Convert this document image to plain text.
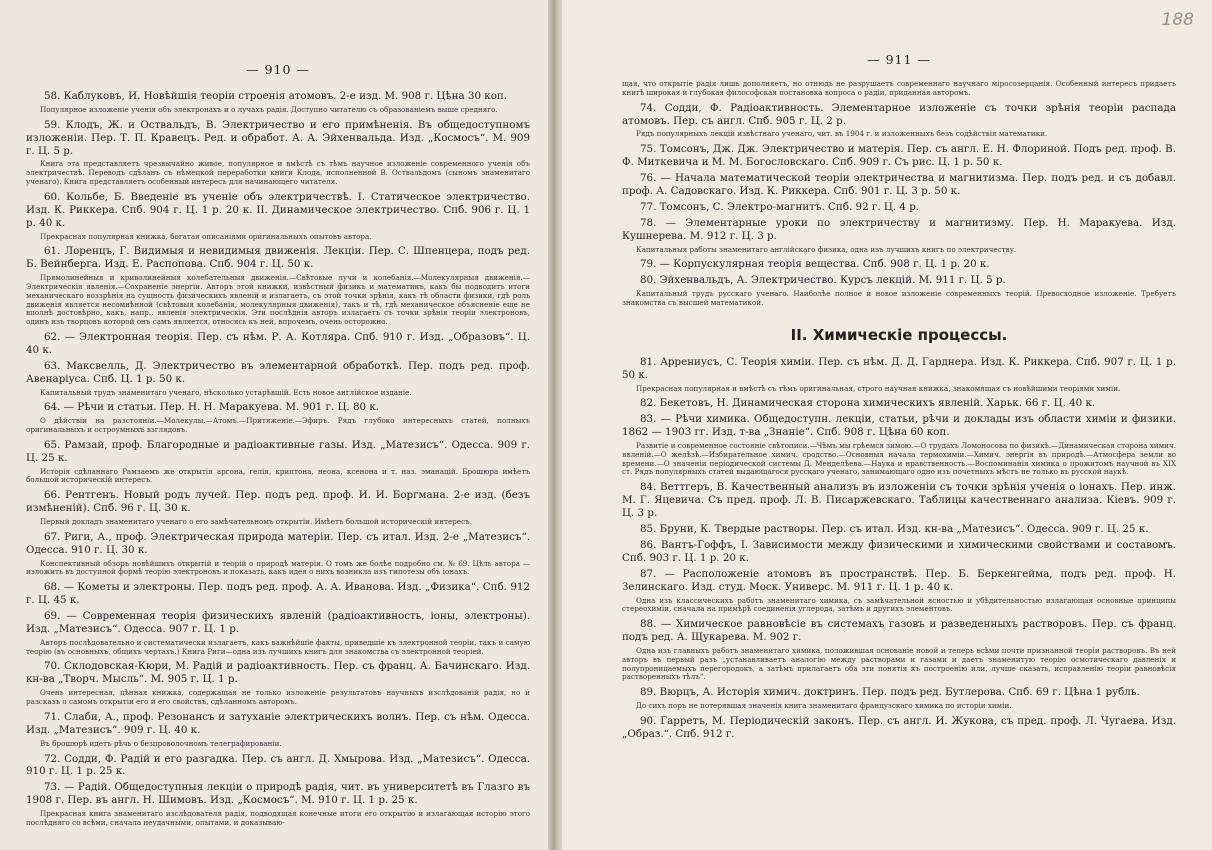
— 910 —

58. Каблуковъ, И. Новѣйшія теоріи строенія атомовъ. 2-е изд. М. 908 г. Цѣна 30 коп.

Популярное изложеніе ученія объ электронахъ и о лучахъ радія. Доступно читателю съ образованіемъ выше средняго.

59. Клодъ, Ж. и Оствальдъ, В. Электричество и его примѣненія. Въ общедоступномъ изложеніи. Пер. Т. П. Кравецъ. Ред. и обработ. А. А. Эйхенвальда. Изд. „Космосъ“. М. 909 г. Ц. 5 р.

Книга эта представляетъ чрезвычайно живое, популярное и вмѣстѣ съ тѣмъ научное изложеніе современного ученія объ электричествѣ. Переводъ сдѣланъ съ нѣмецкой переработки книги Клода, исполненной В. Оствальдомъ (сыномъ знаменитаго ученаго). Книга представляетъ особенный интересъ для начинающего читателя.

60. Кольбе, Б. Введеніе въ ученіе объ электричествѣ. I. Статическое электричество. Изд. К. Риккера. Спб. 904 г. Ц. 1 р. 20 к. II. Динамическое электричество. Спб. 906 г. Ц. 1 р. 40 к.

Прекрасная популярная книжка, богатая описаніями оригинальныхъ опытовъ автора.

61. Лоренцъ, Г. Видимыя и невидимыя движенія. Лекціи. Пер. С. Шпенцера, подъ ред. Б. Вейнберга. Изд. Е. Распопова. Спб. 904 г. Ц. 50 к.

Прямолинейныя и криволинейныя колебательныя движенія.—Свѣтовые лучи и колебанія.—Молекулярныя движенія.—Электрическія явленія.—Сохраненіе энергіи. Авторъ этой книжки, извѣстный физикъ и математикъ, какъ бы подводитъ итоги механическаго воззрѣнія на сущность физическихъ явленій и излагаетъ, съ этой точки зрѣнія, какъ тѣ области физики, гдѣ роль движенія является несомнѣнной (свѣтовыя колебанія, молекулярныя движенія), такъ и тѣ, гдѣ механическое объясненіе еще не вполнѣ достовѣрно, какъ, напр., явленія электрическія. Эти послѣднія авторъ излагаетъ съ точки зрѣнія теоріи электроновъ, одинъ изъ творцовъ которой онъ самъ является, относясь къ ней, впрочемъ, очень осторожно.

62. — Электронная теорія. Пер. съ нѣм. Р. А. Котляра. Спб. 910 г. Изд. „Образовъ“. Ц. 40 к.

63. Максвелль, Д. Электричество въ элементарной обработкѣ. Пер. подъ ред. проф. Авенаріуса. Спб. Ц. 1 р. 50 к.

Капитальный трудъ знаменитаго ученаго, нѣсколько устарѣвшій. Есть новое англійское изданіе.

64. — Рѣчи и статьи. Пер. Н. Н. Маракуева. М. 901 г. Ц. 80 к.

О дѣйствіи на разстояніи.—Молекулы.—Атомъ.—Притяженіе.—Эфиръ. Рядъ глубоко интересныхъ статей, полныхъ оригинальныхъ и остроумныхъ взглядовъ.

65. Рамзай, проф. Благородные и радіоактивные газы. Изд. „Матезисъ“. Одесса. 909 г. Ц. 25 к.

Исторія сдѣланнаго Рамзаемъ же открытія аргона, гелія, криптона, неона, ксенона и т. наз. эманацій. Брошюра имѣетъ большой историческій интересъ.

66. Рентгенъ. Новый родъ лучей. Пер. подъ ред. проф. И. И. Боргмана. 2-е изд. (безъ измѣненій). Спб. 96 г. Ц. 30 к.

Первый докладъ знаменитаго ученаго о его замѣчательномъ открытіи. Имѣетъ большой историческій интересъ.

67. Риги, А., проф. Электрическая природа матеріи. Пер. съ итал. Изд. 2-е „Матезисъ“. Одесса. 910 г. Ц. 30 к.

Конспективный обзоръ новѣйшихъ открытій и теорій о природѣ матеріи. О томъ же болѣе подробно см. № 69. Цѣль автора — изложить въ доступной формѣ теорію электроновъ и показать, какъ идея о нихъ возникла изъ гипотезы объ іонахъ.

68. — Кометы и электроны. Пер. подъ ред. проф. А. А. Иванова. Изд. „Физика“. Спб. 912 г. Ц. 45 к.

69. — Современная теорія физическихъ явленій (радіоактивность, іоны, электроны). Изд. „Матезисъ“. Одесса. 907 г. Ц. 1 р.

Авторъ послѣдовательно и систематически излагаетъ, какъ важнѣйшіе факты, приведшіе къ электронной теоріи, такъ и самую теорію (въ основныхъ, общихъ чертахъ.) Книга Риги—одна изъ лучшихъ книгъ для знакомства съ электронной теоріей.

70. Склодовская-Кюри, М. Радій и радіоактивность. Пер. съ франц. А. Бачинскаго. Изд. кн-ва „Творч. Мысль“. М. 905 г. Ц. 1 р.

Очень интересная, цѣнная книжка, содержащая не только изложеніе результатовъ научныхъ изслѣдованій радія, но и разсказъ о самомъ открытіи его и его свойствъ, сдѣланномъ авторомъ.

71. Слаби, А., проф. Резонансъ и затуханіе электрическихъ волнъ. Пер. съ нѣм. Одесса. Изд. „Матезисъ“. 909 г. Ц. 40 к.

Въ брошюрѣ идетъ рѣчь о безпроволочномъ телеграфированіи.

72. Содди, Ф. Радій и его разгадка. Пер. съ англ. Д. Хмырова. Изд. „Матезисъ“. Одесса. 910 г. Ц. 1 р. 25 к.

73. — Радій. Общедоступныя лекціи о природѣ радія, чит. въ университетѣ въ Глазго въ 1908 г. Пер. въ англ. Н. Шимовъ. Изд. „Космосъ“. М. 910 г. Ц. 1 р. 25 к.

Прекрасная книга знаменитаго изслѣдователя радія, подводящая конечные итоги его открытію и излагающая исторію этого послѣдняго со всѣми, сначала неудачными, опытами, и доказываю-

188
— 911 —

щая, что открытіе радія лишь дополняетъ, но отнюдь не разрушаетъ современнаго научнаго міросозерцанія. Особенный интересъ придаетъ книгѣ широкая и глубокая философская постановка вопроса о радіи, приданная авторомъ.

74. Содди, Ф. Радіоактивность. Элементарное изложеніе съ точки зрѣнія теоріи распада атомовъ. Пер. съ англ. Спб. 905 г. Ц. 2 р.

Рядъ популярныхъ лекцій извѣстнаго ученаго, чит. въ 1904 г. и изложенныхъ безъ содѣйствія математики.

75. Томсонъ, Дж. Дж. Электричество и матерія. Пер. съ англ. Е. Н. Флориной. Подъ ред. проф. В. Ф. Миткевича и М. М. Богословскаго. Спб. 909 г. Съ рис. Ц. 1 р. 50 к.

76. — Начала математической теоріи электричества и магнитизма. Пер. подъ ред. и съ добавл. проф. А. Садовскаго. Изд. К. Риккера. Спб. 901 г. Ц. 3 р. 50 к.

77. Томсонъ, С. Электро-магнитъ. Спб. 92 г. Ц. 4 р.

78. — Элементарные уроки по электричеству и магнитизму. Пер. Н. Маракуева. Изд. Кушнерева. М. 912 г. Ц. 3 р.

Капитальныя работы знаменитаго англійскаго физика, одна изъ лучшихъ книгъ по электричеству.

79. — Корпускулярная теорія вещества. Спб. 908 г. Ц. 1 р. 20 к.

80. Эйхенвальдъ, А. Электричество. Курсъ лекцій. М. 911 г. Ц. 5 р.

Капитальный трудъ русскаго ученаго. Наиболѣе полное и новое изложеніе современныхъ теорій. Превосходное изложеніе. Требуетъ знакомства съ высшей математикой.

II. Химическіе процессы.

81. Аррениусъ, С. Теорія химіи. Пер. съ нѣм. Д. Д. Гарднера. Изд. К. Риккера. Спб. 907 г. Ц. 1 р. 50 к.

Прекрасная популярная и вмѣстѣ съ тѣмъ оригинальная, строго научная книжка, знакомящая съ новѣйшими теоріями химіи.

82. Бекетовъ, Н. Динамическая сторона химическихъ явленій. Харьк. 66 г. Ц. 40 к.

83. — Рѣчи химика. Общедоступн. лекціи, статьи, рѣчи и доклады изъ области химіи и физики. 1862 — 1903 гг. Изд. т-ва „Знаніе“. Спб. 908 г. Цѣна 60 коп.

Развитіе и современное состояніе свѣтописи.—Чѣмъ мы грѣемся зимою.—О трудахъ Ломоносова по физикѣ.—Динамическая сторона химич. явленій.—О желѣзѣ.—Избирательное химич. сродство.—Основныя начала термохиміи.—Химич. энергія въ природѣ.—Атмосфера земли во времени.—О значеніи періодической системы Д. Менделѣева.—Наука и нравственность.—Воспоминанія химика о прожитомъ научной въ XIX ст. Рядъ популярныхъ статей выдающагося русскаго ученаго, занимающаго одно изъ почетныхъ мѣстъ не только въ русской наукѣ.

84. Веттгеръ, В. Качественный анализъ въ изложеніи съ точки зрѣнія ученія о іонахъ. Пер. инж. М. Г. Яцевича. Съ пред. проф. Л. В. Писаржевскаго. Таблицы качественнаго анализа. Кіевъ. 909 г. Ц. 3 р.

85. Бруни, К. Твердые растворы. Пер. съ итал. Изд. кн-ва „Матезисъ“. Одесса. 909 г. Ц. 25 к.

86. Вантъ-Гоффъ, I. Зависимости между физическими и химическими свойствами и составомъ. Спб. 903 г. Ц. 1 р. 20 к.

87. — Расположеніе атомовъ въ пространствѣ. Пер. Б. Беркенгейма, подъ ред. проф. Н. Зелинскаго. Изд. студ. Моск. Универс. М. 911 г. Ц. 1 р. 40 к.

Одна изъ классическихъ работъ знаменитаго химика, съ замѣчательной ясностью и убѣдительностью излагающая основные принципы стереохиміи, сначала на примѣрѣ соединенія углерода, затѣмъ и другихъ элементовъ.

88. — Химическое равновѣсіе въ системахъ газовъ и разведенныхъ растворовъ. Пер. съ франц. подъ ред. А. Щукарева. М. 902 г.

Одна изъ главныхъ работъ знаменитаго химика, положившая основаніе новой и теперь всѣми почти признанной теоріи растворовъ. Въ ней авторъ въ первый разъ „устанавливаетъ аналогію между растворами и газами и даетъ знаменитую теорію осмотическаго давленія и полупроницаемыхъ перегородокъ, а затѣмъ прилагаетъ оба эти понятія къ построенію или, лучше сказать, исправленію теоріи равновѣсія растворенныхъ тѣлъ“.

89. Вюрцъ, А. Исторія химич. доктринъ. Пер. подъ ред. Бутлерова. Спб. 69 г. Цѣна 1 рубль.

До сихъ поръ не потерявшая значенія книга знаменитаго французскаго химика по исторіи химіи.

90. Гарретъ, М. Періодическій законъ. Пер. съ англ. И. Жукова, съ пред. проф. Л. Чугаева. Изд. „Образ.“. Спб. 912 г.
